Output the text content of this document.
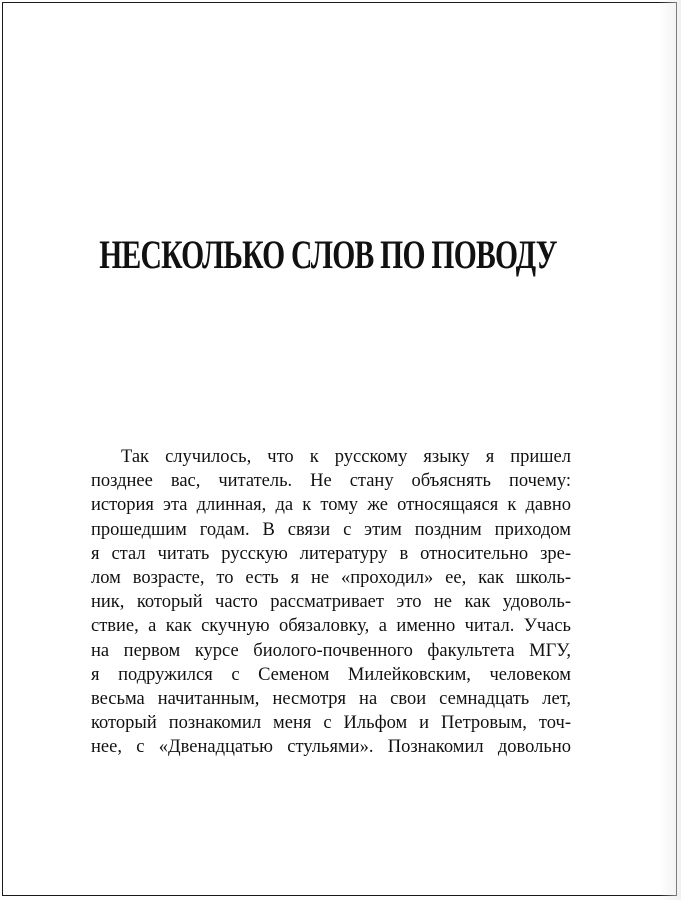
НЕСКОЛЬКО СЛОВ ПО ПОВОДУ
Так случилось, что к русскому языку я пришел
позднее вас, читатель. Не стану объяснять почему:
история эта длинная, да к тому же относящаяся к давно
прошедшим годам. В связи с этим поздним приходом
я стал читать русскую литературу в относительно зре-
лом возрасте, то есть я не «проходил» ее, как школь-
ник, который часто рассматривает это не как удоволь-
ствие, а как скучную обязаловку, а именно читал. Учась
на первом курсе биолого-почвенного факультета МГУ,
я подружился с Семеном Милейковским, человеком
весьма начитанным, несмотря на свои семнадцать лет,
который познакомил меня с Ильфом и Петровым, точ-
нее, с «Двенадцатью стульями». Познакомил довольно
